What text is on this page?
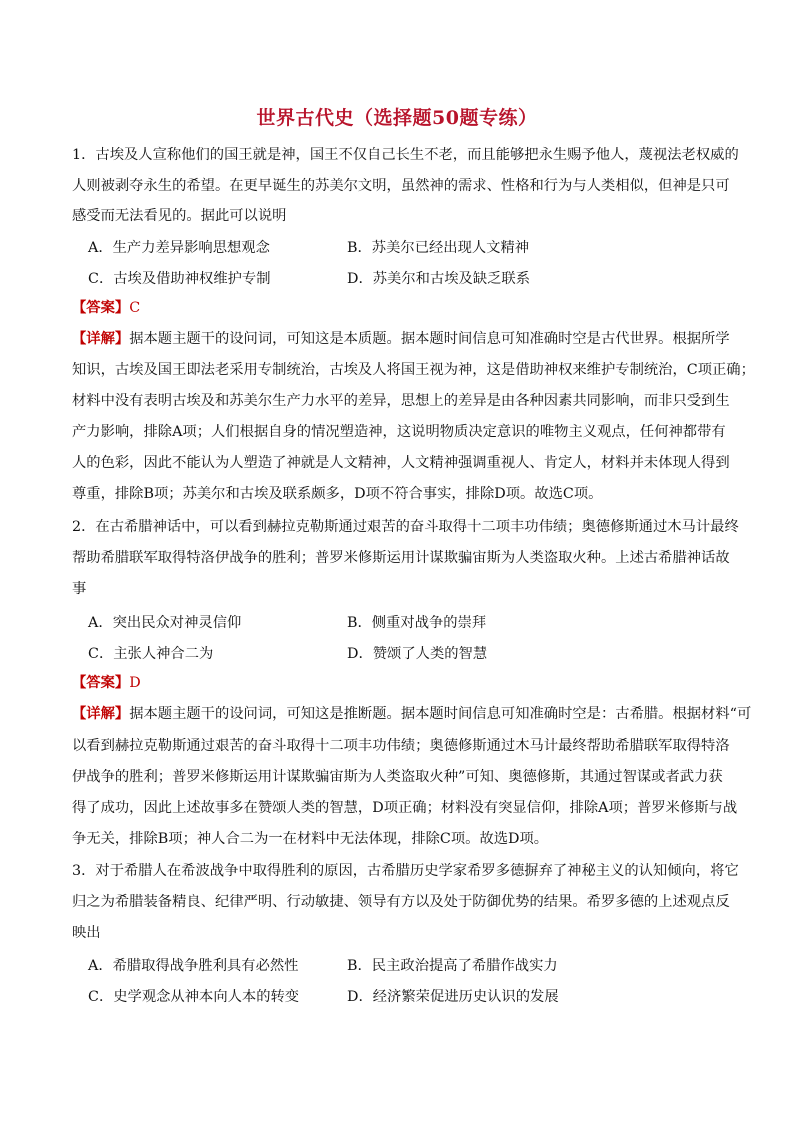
世界古代史（选择题50题专练）
1．古埃及人宣称他们的国王就是神，国王不仅自己长生不老，而且能够把永生赐予他人，蔑视法老权威的
人则被剥夺永生的希望。在更早诞生的苏美尔文明，虽然神的需求、性格和行为与人类相似，但神是只可
感受而无法看见的。据此可以说明
A．生产力差异影响思想观念	B．苏美尔已经出现人文精神
C．古埃及借助神权维护专制	D．苏美尔和古埃及缺乏联系
【答案】C
【详解】据本题主题干的设问词，可知这是本质题。据本题时间信息可知准确时空是古代世界。根据所学
知识，古埃及国王即法老采用专制统治，古埃及人将国王视为神，这是借助神权来维护专制统治，C项正确；
材料中没有表明古埃及和苏美尔生产力水平的差异，思想上的差异是由各种因素共同影响，而非只受到生
产力影响，排除A项；人们根据自身的情况塑造神，这说明物质决定意识的唯物主义观点，任何神都带有
人的色彩，因此不能认为人塑造了神就是人文精神，人文精神强调重视人、肯定人，材料并未体现人得到
尊重，排除B项；苏美尔和古埃及联系颇多，D项不符合事实，排除D项。故选C项。
2．在古希腊神话中，可以看到赫拉克勒斯通过艰苦的奋斗取得十二项丰功伟绩；奥德修斯通过木马计最终
帮助希腊联军取得特洛伊战争的胜利；普罗米修斯运用计谋欺骗宙斯为人类盗取火种。上述古希腊神话故
事
A．突出民众对神灵信仰	B．侧重对战争的崇拜
C．主张人神合二为	D．赞颂了人类的智慧
【答案】D
【详解】据本题主题干的设问词，可知这是推断题。据本题时间信息可知准确时空是：古希腊。根据材料“可
以看到赫拉克勒斯通过艰苦的奋斗取得十二项丰功伟绩；奥德修斯通过木马计最终帮助希腊联军取得特洛
伊战争的胜利；普罗米修斯运用计谋欺骗宙斯为人类盗取火种”可知、奥德修斯，其通过智谋或者武力获
得了成功，因此上述故事多在赞颂人类的智慧，D项正确；材料没有突显信仰，排除A项；普罗米修斯与战
争无关，排除B项；神人合二为一在材料中无法体现，排除C项。故选D项。
3．对于希腊人在希波战争中取得胜利的原因，古希腊历史学家希罗多德摒弃了神秘主义的认知倾向，将它
归之为希腊装备精良、纪律严明、行动敏捷、领导有方以及处于防御优势的结果。希罗多德的上述观点反
映出
A．希腊取得战争胜利具有必然性	B．民主政治提高了希腊作战实力
C．史学观念从神本向人本的转变	D．经济繁荣促进历史认识的发展
